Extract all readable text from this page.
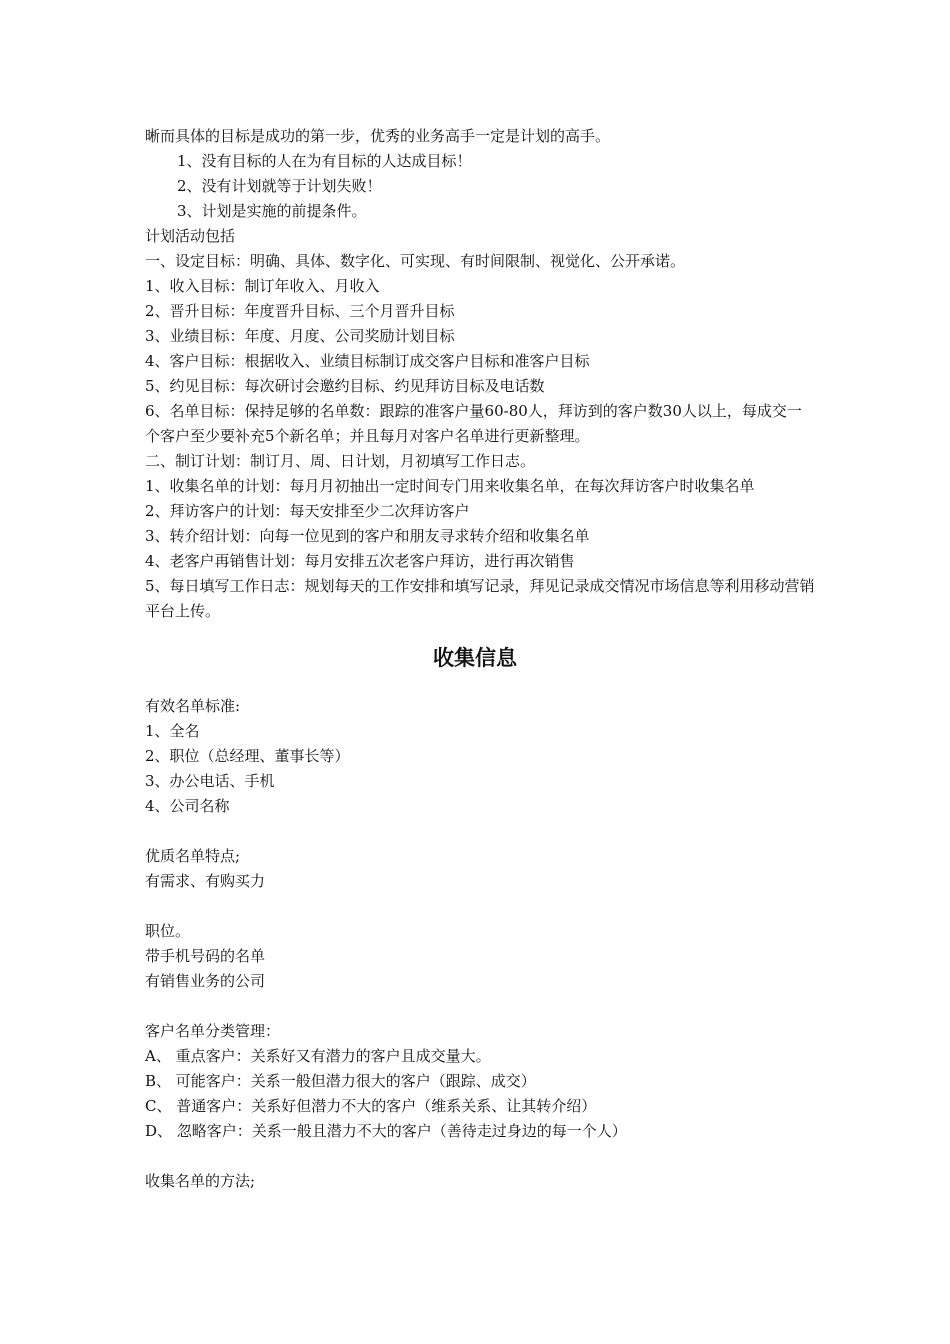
晰而具体的目标是成功的第一步，优秀的业务高手一定是计划的高手。
1、没有目标的人在为有目标的人达成目标！
2、没有计划就等于计划失败！
3、计划是实施的前提条件。
计划活动包括
一、设定目标：明确、具体、数字化、可实现、有时间限制、视觉化、公开承诺。
1、收入目标：制订年收入、月收入
2、晋升目标：年度晋升目标、三个月晋升目标
3、业绩目标：年度、月度、公司奖励计划目标
4、客户目标：根据收入、业绩目标制订成交客户目标和准客户目标
5、约见目标：每次研讨会邀约目标、约见拜访目标及电话数
6、名单目标：保持足够的名单数：跟踪的准客户量60-80人，拜访到的客户数30人以上，每成交一个客户至少要补充5个新名单；并且每月对客户名单进行更新整理。
二、制订计划：制订月、周、日计划，月初填写工作日志。
1、收集名单的计划：每月月初抽出一定时间专门用来收集名单，在每次拜访客户时收集名单
2、拜访客户的计划：每天安排至少二次拜访客户
3、转介绍计划：向每一位见到的客户和朋友寻求转介绍和收集名单
4、老客户再销售计划：每月安排五次老客户拜访，进行再次销售
5、每日填写工作日志：规划每天的工作安排和填写记录，拜见记录成交情况市场信息等利用移动营销平台上传。
收集信息
有效名单标准:
1、全名
2、职位（总经理、董事长等）
3、办公电话、手机
4、公司名称
优质名单特点;
有需求、有购买力
职位。
带手机号码的名单
有销售业务的公司
客户名单分类管理：
A、 重点客户：关系好又有潜力的客户且成交量大。
B、 可能客户：关系一般但潜力很大的客户（跟踪、成交）
C、 普通客户：关系好但潜力不大的客户（维系关系、让其转介绍）
D、 忽略客户：关系一般且潜力不大的客户（善待走过身边的每一个人）
收集名单的方法;
